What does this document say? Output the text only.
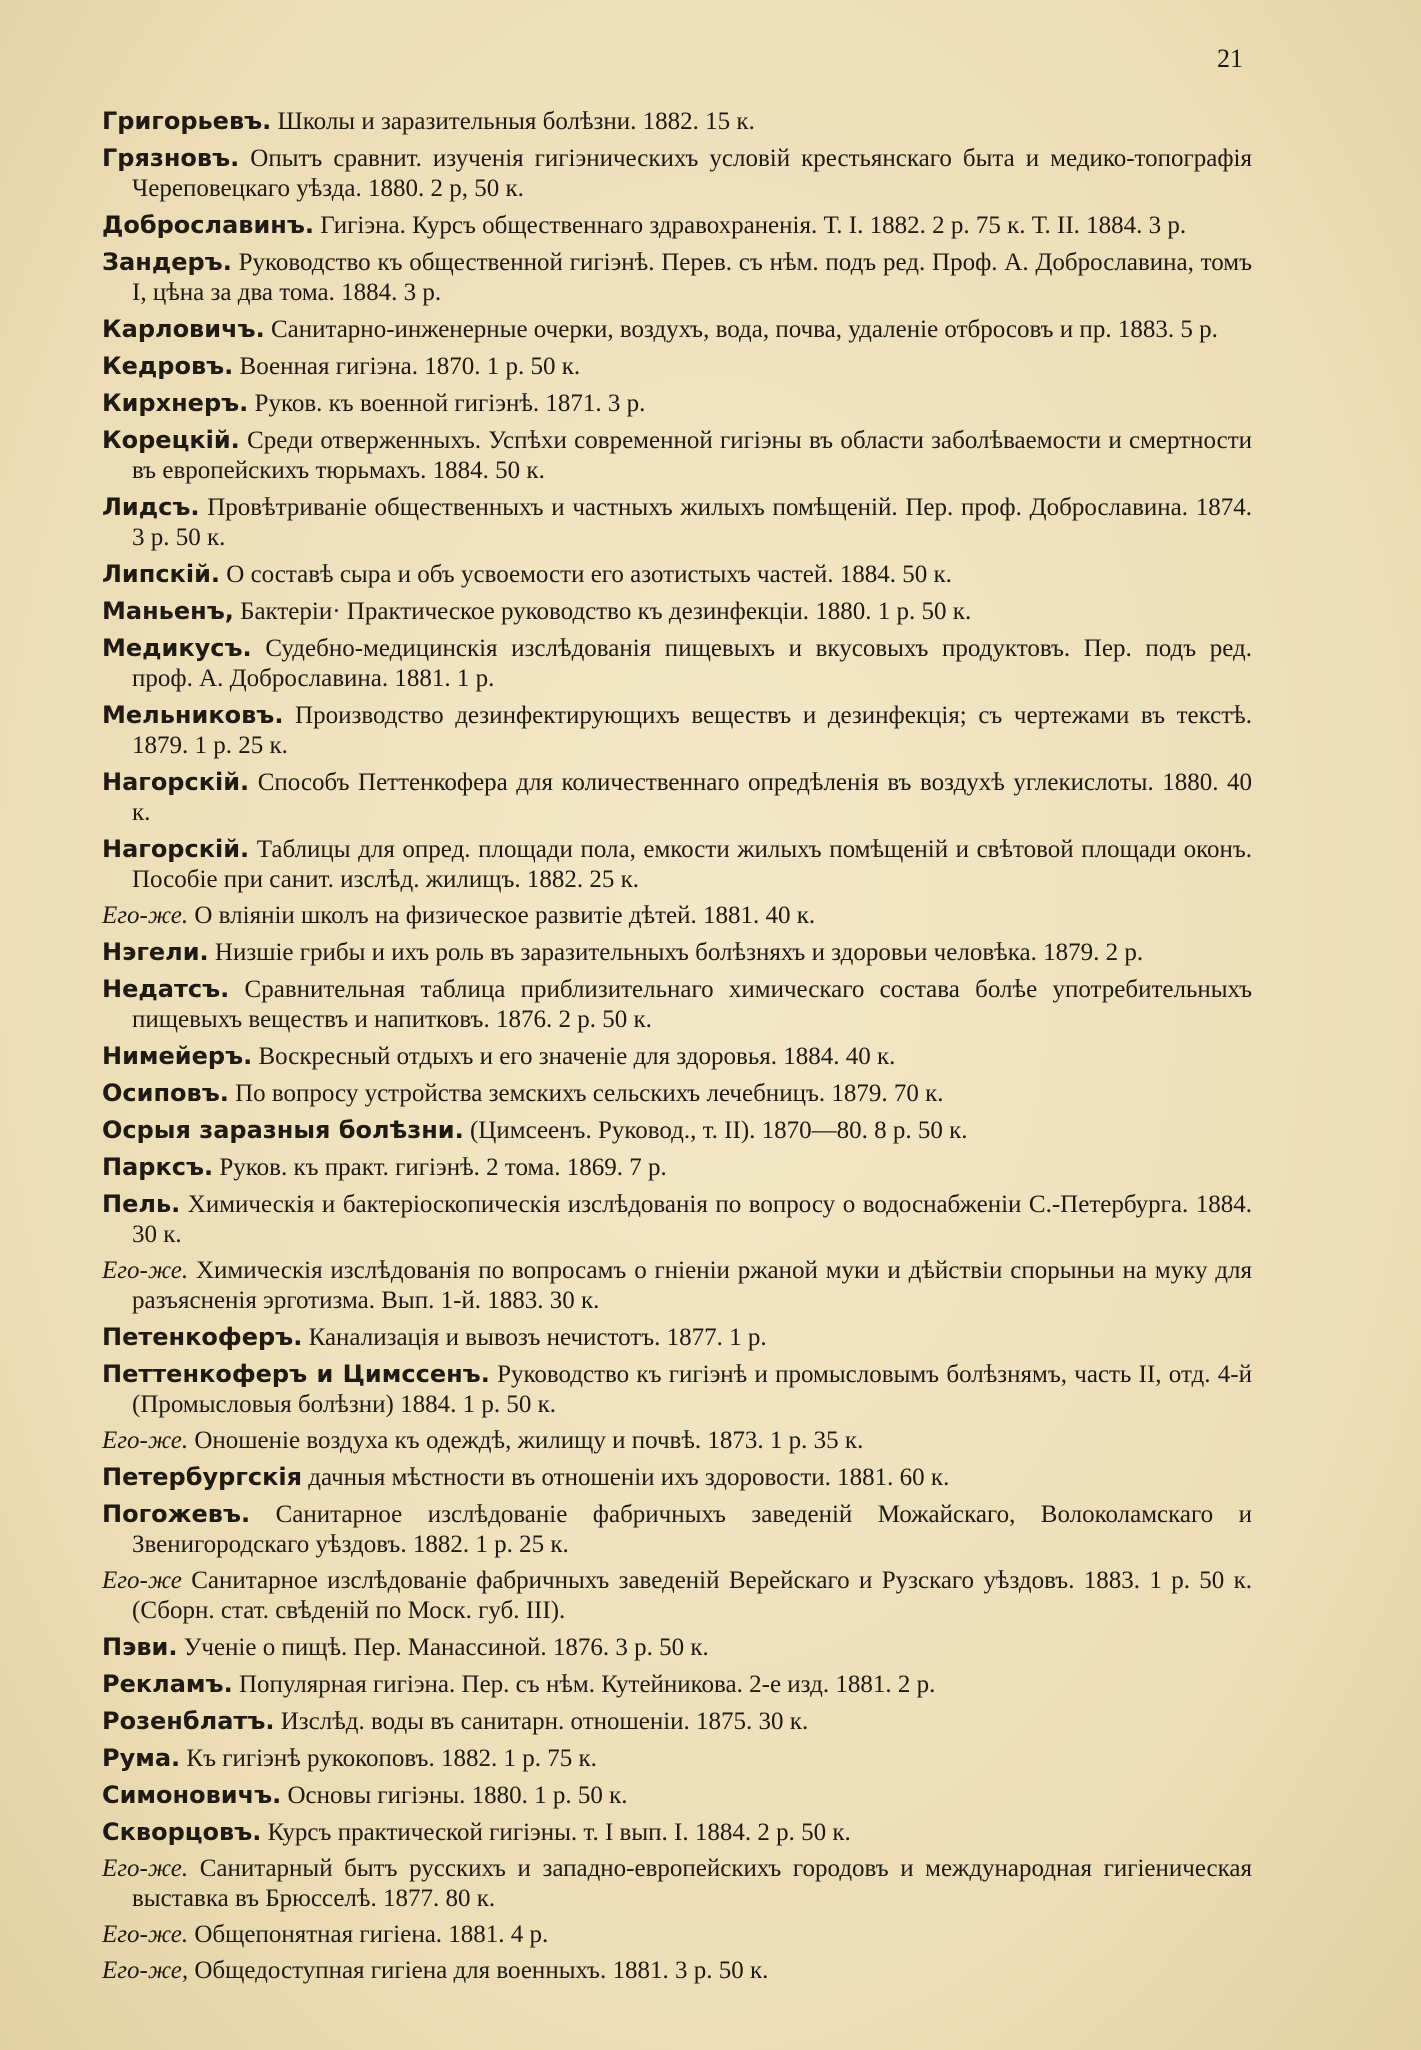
21

Григорьевъ. Школы и заразительныя болѣзни. 1882. 15 к.

Грязновъ. Опытъ сравнит. изученія гигіэническихъ условій крестьянскаго быта и медико-топографія Череповецкаго уѣзда. 1880. 2 р, 50 к.

Доброславинъ. Гигіэна. Курсъ общественнаго здравохраненія. Т. I. 1882. 2 р. 75 к. Т. II. 1884. 3 р.

Зандеръ. Руководство къ общественной гигіэнѣ. Перев. съ нѣм. подъ ред. Проф. А. Доброславина, томъ I, цѣна за два тома. 1884. 3 р.

Карловичъ. Санитарно-инженерные очерки, воздухъ, вода, почва, удаленіе отбросовъ и пр. 1883. 5 р.

Кедровъ. Военная гигіэна. 1870. 1 р. 50 к.

Кирхнеръ. Руков. къ военной гигіэнѣ. 1871. 3 р.

Корецкій. Среди отверженныхъ. Успѣхи современной гигіэны въ области заболѣваемости и смертности въ европейскихъ тюрьмахъ. 1884. 50 к.

Лидсъ. Провѣтриваніе общественныхъ и частныхъ жилыхъ помѣщеній. Пер. проф. Доброславина. 1874. 3 р. 50 к.

Липскій. О составѣ сыра и объ усвоемости его азотистыхъ частей. 1884. 50 к.

Маньенъ, Бактеріи· Практическое руководство къ дезинфекціи. 1880. 1 р. 50 к.

Медикусъ. Судебно-медицинскія изслѣдованія пищевыхъ и вкусовыхъ продуктовъ. Пер. подъ ред. проф. А. Доброславина. 1881. 1 р.

Мельниковъ. Производство дезинфектирующихъ веществъ и дезинфекція; съ чертежами въ текстѣ. 1879. 1 р. 25 к.

Нагорскій. Способъ Петтенкофера для количественнаго опредѣленія въ воздухѣ углекислоты. 1880. 40 к.

Нагорскій. Таблицы для опред. площади пола, емкости жилыхъ помѣщеній и свѣтовой площади оконъ. Пособіе при санит. изслѣд. жилищъ. 1882. 25 к.

Его-же. О вліяніи школъ на физическое развитіе дѣтей. 1881. 40 к.

Нэгели. Низшіе грибы и ихъ роль въ заразительныхъ болѣзняхъ и здоровьи человѣка. 1879. 2 р.

Недатсъ. Сравнительная таблица приблизительнаго химическаго состава болѣе употребительныхъ пищевыхъ веществъ и напитковъ. 1876. 2 р. 50 к.

Нимейеръ. Воскресный отдыхъ и его значеніе для здоровья. 1884. 40 к.

Осиповъ. По вопросу устройства земскихъ сельскихъ лечебницъ. 1879. 70 к.

Осрыя заразныя болѣзни. (Цимсеенъ. Руковод., т. II). 1870—80. 8 р. 50 к.

Парксъ. Руков. къ практ. гигіэнѣ. 2 тома. 1869. 7 р.

Пель. Химическія и бактеріоскопическія изслѣдованія по вопросу о водоснабженіи С.-Петербурга. 1884. 30 к.

Его-же. Химическія изслѣдованія по вопросамъ о гніеніи ржаной муки и дѣйствіи спорыньи на муку для разъясненія эрготизма. Вып. 1-й. 1883. 30 к.

Петенкоферъ. Канализація и вывозъ нечистотъ. 1877. 1 р.

Петтенкоферъ и Цимссенъ. Руководство къ гигіэнѣ и промысловымъ болѣзнямъ, часть II, отд. 4-й (Промысловыя болѣзни) 1884. 1 р. 50 к.

Его-же. Оношеніе воздуха къ одеждѣ, жилищу и почвѣ. 1873. 1 р. 35 к.

Петербургскія дачныя мѣстности въ отношеніи ихъ здоровости. 1881. 60 к.

Погожевъ. Санитарное изслѣдованіе фабричныхъ заведеній Можайскаго, Волоколамскаго и Звенигородскаго уѣздовъ. 1882. 1 р. 25 к.

Его-же Санитарное изслѣдованіе фабричныхъ заведеній Верейскаго и Рузскаго уѣздовъ. 1883. 1 р. 50 к. (Сборн. стат. свѣденій по Моск. губ. III).

Пэви. Ученіе о пищѣ. Пер. Манассиной. 1876. 3 р. 50 к.

Рекламъ. Популярная гигіэна. Пер. съ нѣм. Кутейникова. 2-е изд. 1881. 2 р.

Розенблатъ. Изслѣд. воды въ санитарн. отношеніи. 1875. 30 к.

Рума. Къ гигіэнѣ рукокоповъ. 1882. 1 р. 75 к.

Симоновичъ. Основы гигіэны. 1880. 1 р. 50 к.

Скворцовъ. Курсъ практической гигіэны. т. I вып. I. 1884. 2 р. 50 к.

Его-же. Санитарный бытъ русскихъ и западно-европейскихъ городовъ и международная гигіеническая выставка въ Брюсселѣ. 1877. 80 к.

Его-же. Общепонятная гигіена. 1881. 4 р.

Его-же, Общедоступная гигіена для военныхъ. 1881. 3 р. 50 к.
